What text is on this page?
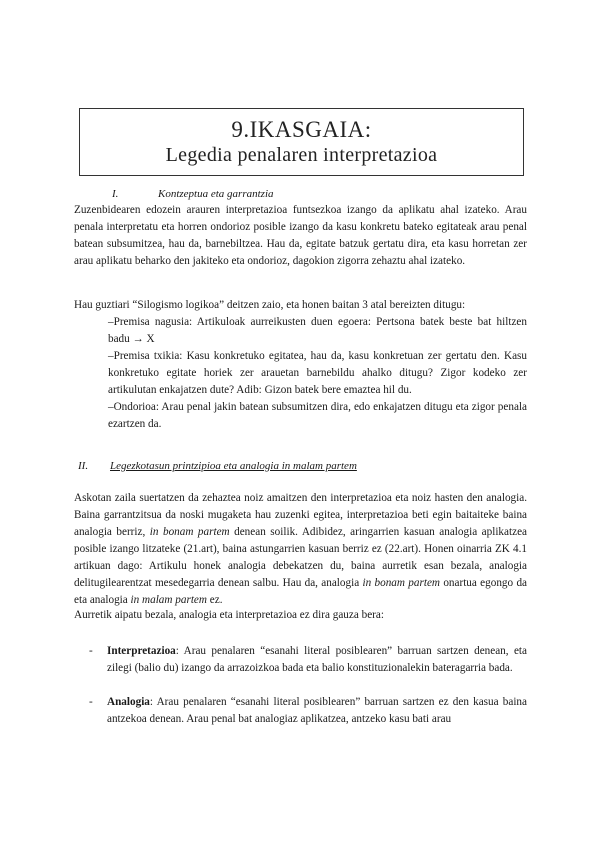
9.IKASGAIA:
Legedia penalaren interpretazioa
I.	Kontzeptua eta garrantzia

Zuzenbidearen edozein arauren interpretazioa funtsezkoa izango da aplikatu ahal izateko. Arau penala interpretatu eta horren ondorioz posible izango da kasu konkretu bateko egitateak arau penal batean subsumitzea, hau da, barnebiltzea. Hau da, egitate batzuk gertatu dira, eta kasu horretan zer arau aplikatu beharko den jakiteko eta ondorioz, dagokion zigorra zehaztu ahal izateko.

Hau guztiari “Silogismo logikoa” deitzen zaio, eta honen baitan 3 atal bereizten ditugu:

–Premisa nagusia: Artikuloak aurreikusten duen egoera: Pertsona batek beste bat hiltzen badu → X

–Premisa txikia: Kasu konkretuko egitatea, hau da, kasu konkretuan zer gertatu den. Kasu konkretuko egitate horiek zer arauetan barnebildu ahalko ditugu? Zigor kodeko zer artikulutan enkajatzen dute? Adib: Gizon batek bere emaztea hil du.

–Ondorioa: Arau penal jakin batean subsumitzen dira, edo enkajatzen ditugu eta zigor penala ezartzen da.

II. Legezkotasun printzipioa eta analogia in malam partem

Askotan zaila suertatzen da zehaztea noiz amaitzen den interpretazioa eta noiz hasten den analogia. Baina garrantzitsua da noski mugaketa hau zuzenki egitea, interpretazioa beti egin baitaiteke baina analogia berriz, in bonam partem denean soilik. Adibidez, aringarrien kasuan analogia aplikatzea posible izango litzateke (21.art), baina astungarrien kasuan berriz ez (22.art). Honen oinarria ZK 4.1 artikuan dago: Artikulu honek analogia debekatzen du, baina aurretik esan bezala, analogia delitugilearentzat mesedegarria denean salbu. Hau da, analogia in bonam partem onartua egongo da eta analogia in malam partem ez.

Aurretik aipatu bezala, analogia eta interpretazioa ez dira gauza bera:

- Interpretazioa: Arau penalaren “esanahi literal posiblearen” barruan sartzen denean, eta zilegi (balio du) izango da arrazoizkoa bada eta balio konstituzionalekin bateragarria bada.
- Analogia: Arau penalaren “esanahi literal posiblearen” barruan sartzen ez den kasua baina antzekoa denean. Arau penal bat analogiaz aplikatzea, antzeko kasu bati arau
